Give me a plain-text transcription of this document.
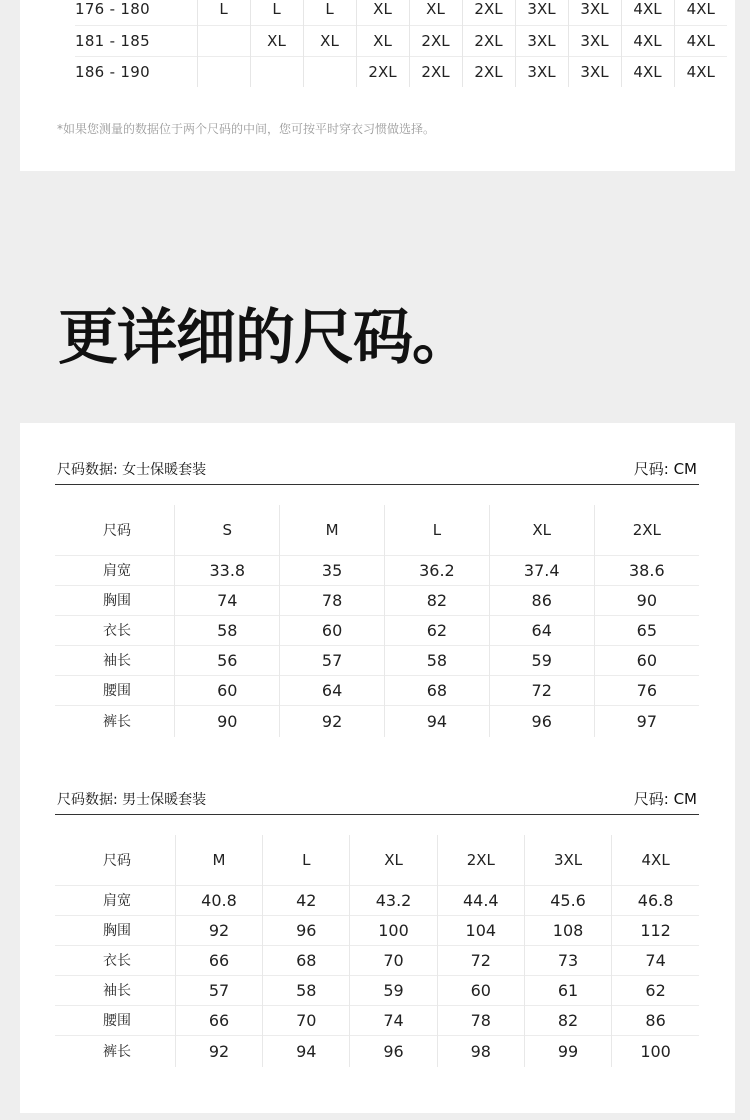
176 - 180	L	L	L	XL	XL	2XL	3XL	3XL	4XL	4XL
181 - 185		XL	XL	XL	2XL	2XL	3XL	3XL	4XL	4XL
186 - 190				2XL	2XL	2XL	3XL	3XL	4XL	4XL
*如果您测量的数据位于两个尺码的中间，您可按平时穿衣习惯做选择。
更详细的尺码。
尺码数据: 女士保暖套装	尺码: CM
尺码	S	M	L	XL	2XL
肩宽	33.8	35	36.2	37.4	38.6
胸围	74	78	82	86	90
衣长	58	60	62	64	65
袖长	56	57	58	59	60
腰围	60	64	68	72	76
裤长	90	92	94	96	97
尺码数据: 男士保暖套装	尺码: CM
尺码	M	L	XL	2XL	3XL	4XL
肩宽	40.8	42	43.2	44.4	45.6	46.8
胸围	92	96	100	104	108	112
衣长	66	68	70	72	73	74
袖长	57	58	59	60	61	62
腰围	66	70	74	78	82	86
裤长	92	94	96	98	99	100
